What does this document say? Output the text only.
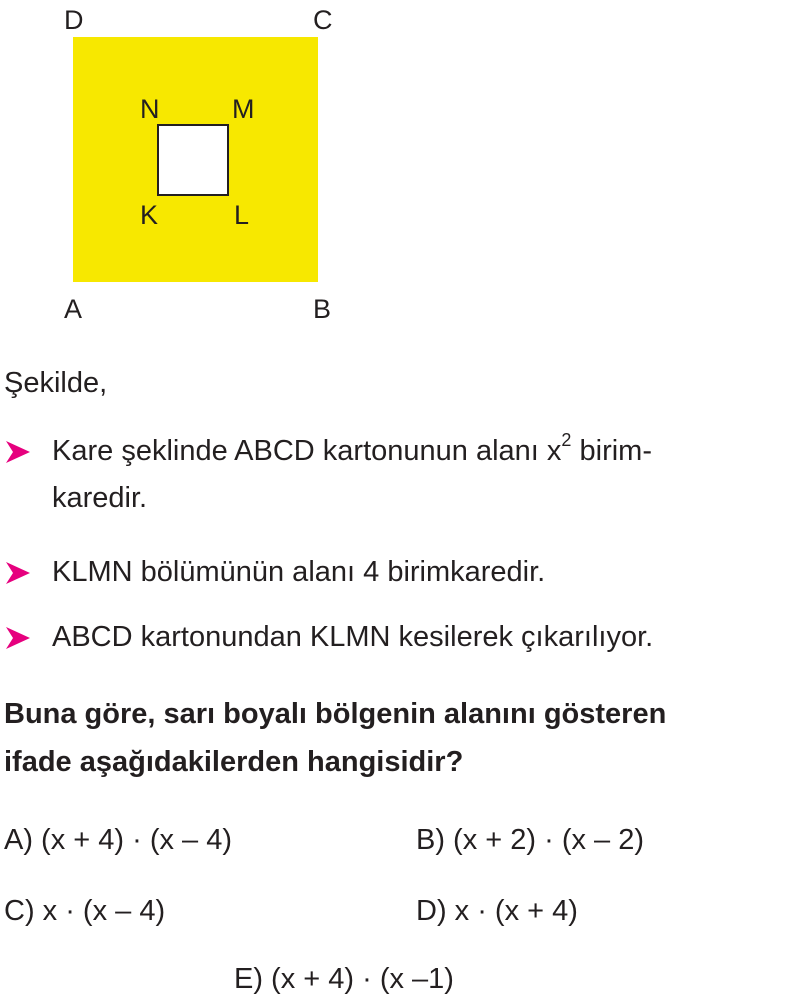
D	C
N	M
K	L
A	B
Şekilde,
Kare şeklinde ABCD kartonunun alanı $x^2$ birim-
karedir.
KLMN bölümünün alanı 4 birimkaredir.
ABCD kartonundan KLMN kesilerek çıkarılıyor.
Buna göre, sarı boyalı bölgenin alanını gösteren
ifade aşağıdakilerden hangisidir?
A) (x + 4) · (x – 4)	B) (x + 2) · (x – 2)
C) x · (x – 4)	D) x · (x + 4)
E) (x + 4) · (x –1)
